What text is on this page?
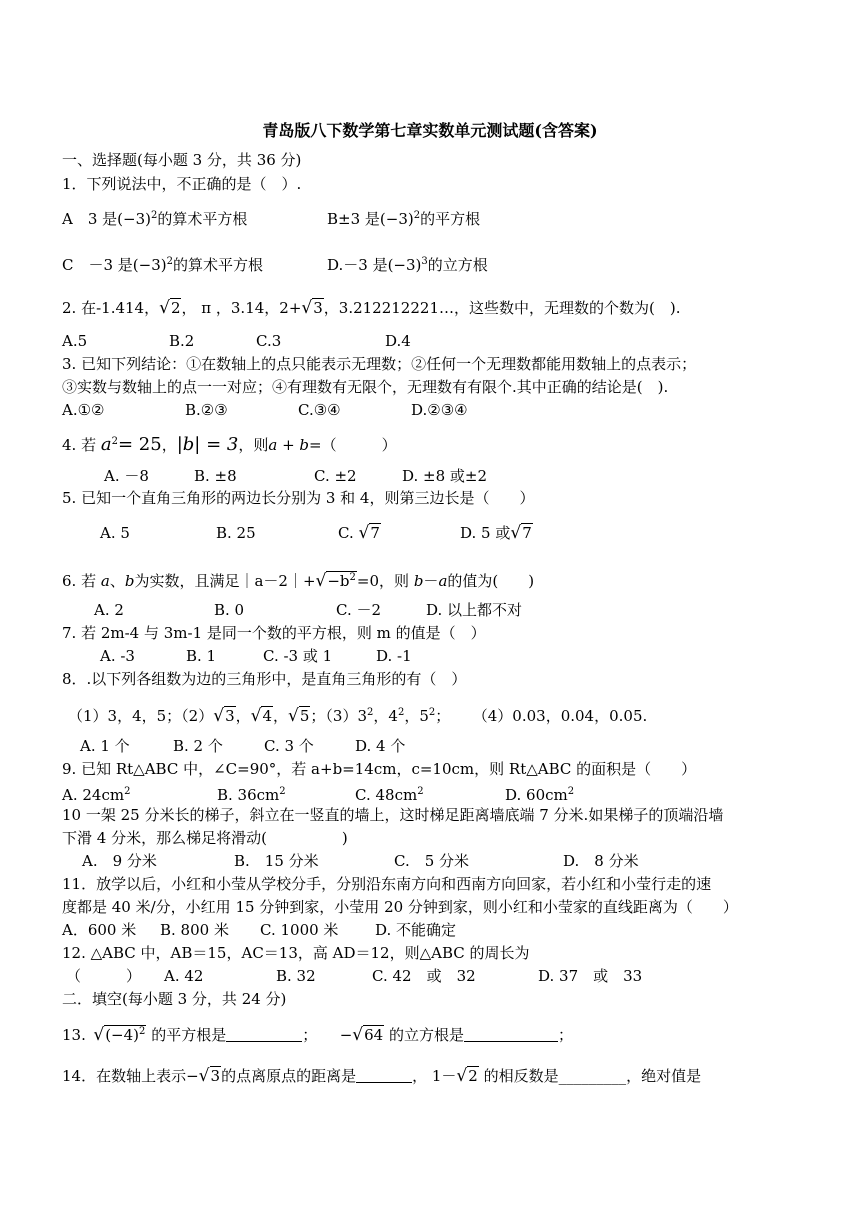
青岛版八下数学第七章实数单元测试题(含答案)
一、选择题(每小题 3 分，共 36 分)
1．下列说法中，不正确的是（　）.
A　3 是$(-3)^2$的算术平方根	B±3 是$(-3)^2$的平方根
C　－3 是$(-3)^2$的算术平方根	D.－3 是$(-3)^3$的立方根
2. 在-1.414，√2， π ，3.14，2+√3，3.212212221…，这些数中，无理数的个数为(　).
A.5	B.2	C.3	D.4
3. 已知下列结论：①在数轴上的点只能表示无理数；②任何一个无理数都能用数轴上的点表示；
③实数与数轴上的点一一对应；④有理数有无限个，无理数有有限个.其中正确的结论是(　).
A.①②	B.②③	C.③④	D.②③④
4. 若 $a^2= 25$，|b| = 3，则a + b=（　　　）
A. －8	B. ±8	C. ±2	D. ±8 或±2
5. 已知一个直角三角形的两边长分别为 3 和 4，则第三边长是（　　）
A. 5	B. 25	C. √7	D. 5 或√7
6. 若 a、b为实数，且满足$|a-2|+√-b^2=0$，则 b－a的值为(　　)
A. 2	B. 0	C. －2	D. 以上都不对
7. 若 2m-4 与 3m-1 是同一个数的平方根，则 m 的值是（　）
A. -3	B. 1	C. -3 或 1	D. -1
8．.以下列各组数为边的三角形中，是直角三角形的有（　）
（1）3，4，5；（2）√3，√4，√5；$(3)3^2$，$4^2$，$5^2$；   （4）0.03，0.04，0.05.
A. 1 个	B. 2 个	C. 3 个	D. 4 个
9. 已知 Rt△ABC 中，∠C=90°，若 a+b=14cm，c=10cm，则 Rt△ABC 的面积是（　　）
A. $24cm^2$	B. $36cm^2$	C. $48cm^2$	D. $60cm^2$
10 一架 25 分米长的梯子，斜立在一竖直的墙上，这时梯足距离墙底端 7 分米.如果梯子的顶端沿墙
下滑 4 分米，那么梯足将滑动(　　　　　)
A.　9 分米	B.　15 分米	C.　5 分米	D.　8 分米
11．放学以后，小红和小莹从学校分手，分别沿东南方向和西南方向回家，若小红和小莹行走的速
度都是 40 米/分，小红用 15 分钟到家，小莹用 20 分钟到家，则小红和小莹家的直线距离为（　　）
A．600 米 B. 800 米 C. 1000 米 D. 不能确定
12. △ABC 中，AB＝15，AC＝13，高 AD＝12，则△ABC 的周长为
（　　　） A. 42	B. 32	C. 42　或　32	D. 37　或　33
二．填空(每小题 3 分，共 24 分)
13.  $√(-4)^2$ 的平方根是	；   −√64 的立方根是	；
14．在数轴上表示−√3的点离原点的距离是	， 1－√2 的相反数是_________，绝对值是
